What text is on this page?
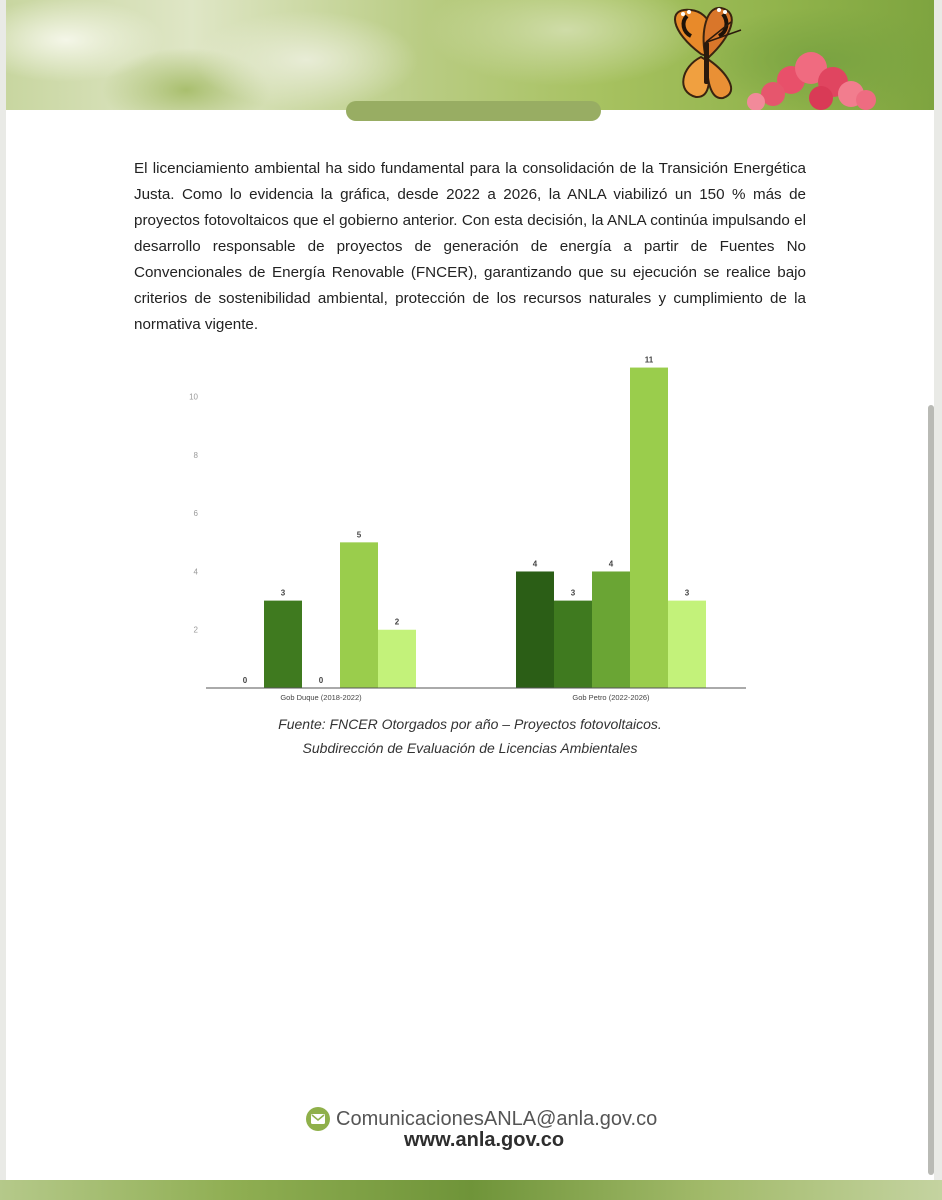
El licenciamiento ambiental ha sido fundamental para la consolidación de la Transición Energética Justa. Como lo evidencia la gráfica, desde 2022 a 2026, la ANLA viabilizó un 150 % más de proyectos fotovoltaicos que el gobierno anterior. Con esta decisión, la ANLA continúa impulsando el desarrollo responsable de proyectos de generación de energía a partir de Fuentes No Convencionales de Energía Renovable (FNCER), garantizando que su ejecución se realice bajo criterios de sostenibilidad ambiental, protección de los recursos naturales y cumplimiento de la normativa vigente.

2
4
6
8
10
0
3
0
5
2
Gob Duque (2018-2022)
4
3
4
11
3
Gob Petro (2022-2026)
Fuente: FNCER Otorgados por año – Proyectos fotovoltaicos.
Subdirección de Evaluación de Licencias Ambientales
ComunicacionesANLA@anla.gov.co
www.anla.gov.co
